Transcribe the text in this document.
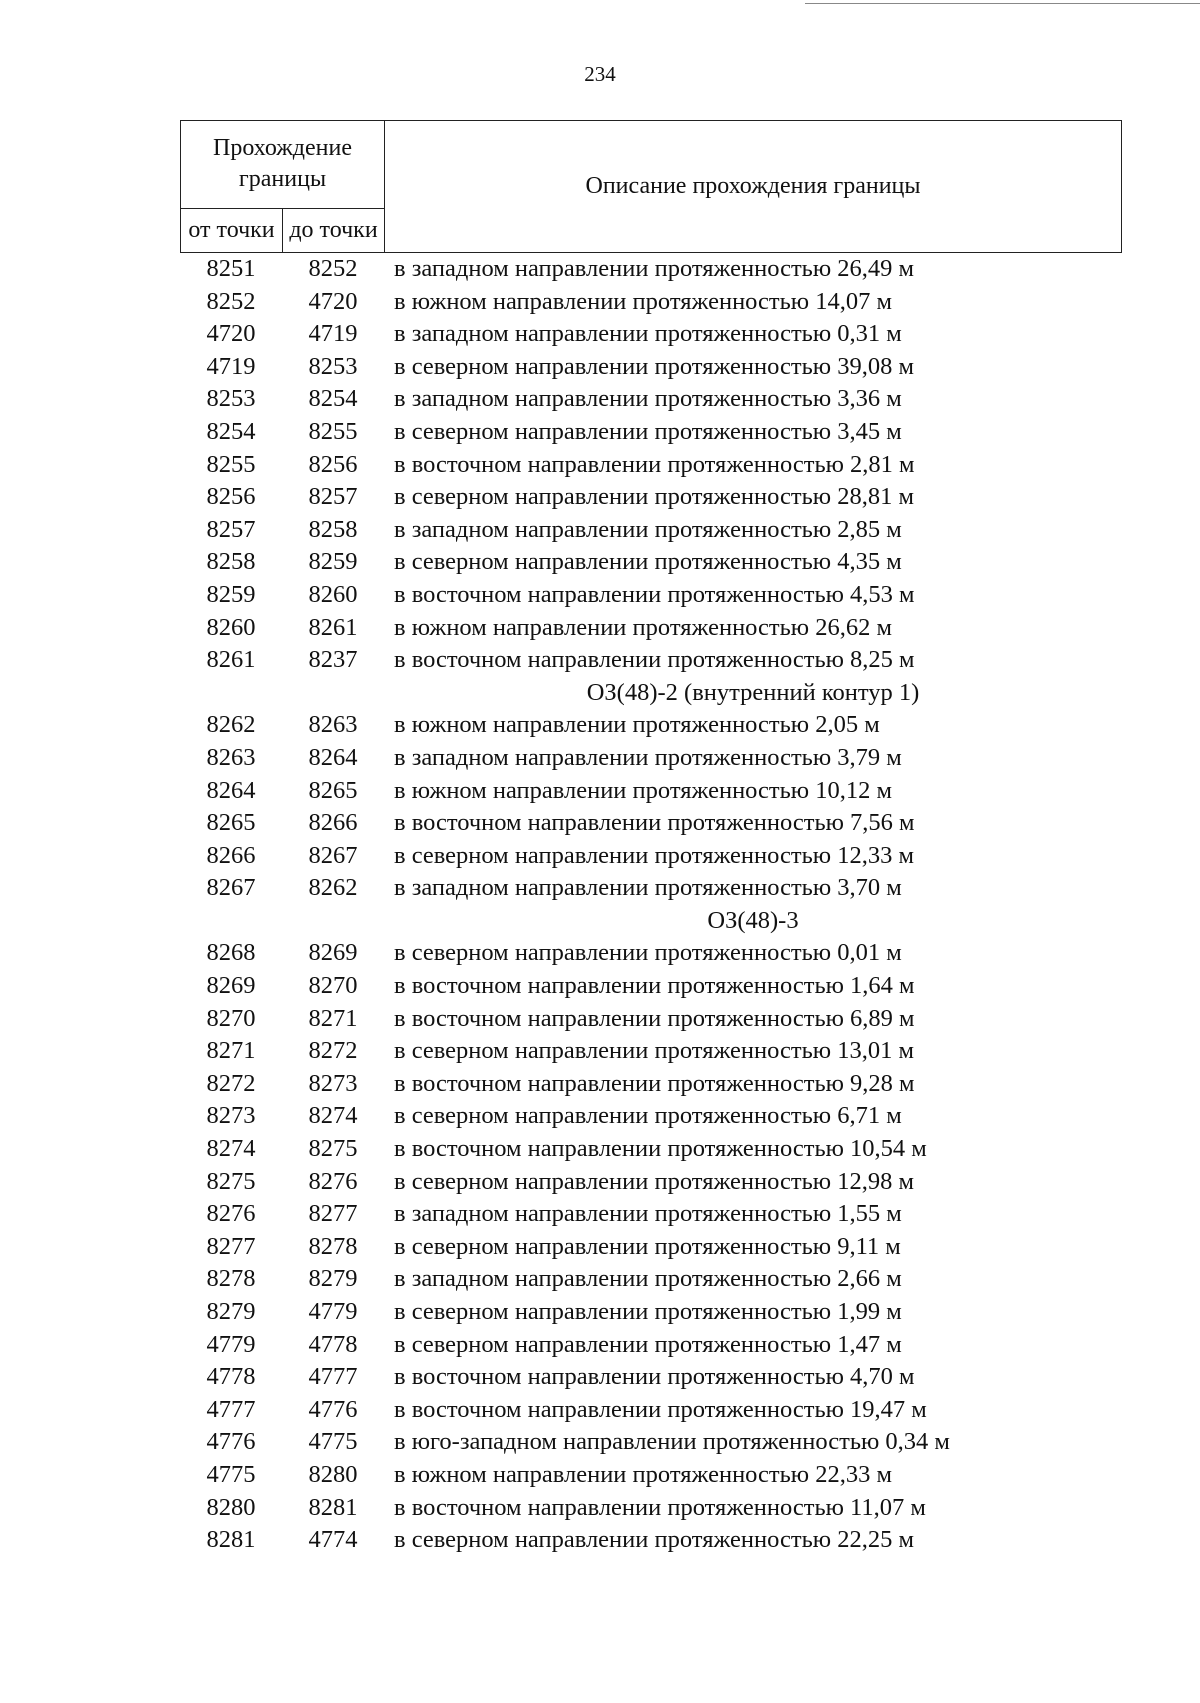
234
Прохождение границы		Описание прохождения границы
от точки	до точки	
8251	8252	в западном направлении протяженностью 26,49 м
8252	4720	в южном направлении протяженностью 14,07 м
4720	4719	в западном направлении протяженностью 0,31 м
4719	8253	в северном направлении протяженностью 39,08 м
8253	8254	в западном направлении протяженностью 3,36 м
8254	8255	в северном направлении протяженностью 3,45 м
8255	8256	в восточном направлении протяженностью 2,81 м
8256	8257	в северном направлении протяженностью 28,81 м
8257	8258	в западном направлении протяженностью 2,85 м
8258	8259	в северном направлении протяженностью 4,35 м
8259	8260	в восточном направлении протяженностью 4,53 м
8260	8261	в южном направлении протяженностью 26,62 м
8261	8237	в восточном направлении протяженностью 8,25 м
ОЗ(48)-2 (внутренний контур 1)
8262	8263	в южном направлении протяженностью 2,05 м
8263	8264	в западном направлении протяженностью 3,79 м
8264	8265	в южном направлении протяженностью 10,12 м
8265	8266	в восточном направлении протяженностью 7,56 м
8266	8267	в северном направлении протяженностью 12,33 м
8267	8262	в западном направлении протяженностью 3,70 м
ОЗ(48)-3
8268	8269	в северном направлении протяженностью 0,01 м
8269	8270	в восточном направлении протяженностью 1,64 м
8270	8271	в восточном направлении протяженностью 6,89 м
8271	8272	в северном направлении протяженностью 13,01 м
8272	8273	в восточном направлении протяженностью 9,28 м
8273	8274	в северном направлении протяженностью 6,71 м
8274	8275	в восточном направлении протяженностью 10,54 м
8275	8276	в северном направлении протяженностью 12,98 м
8276	8277	в западном направлении протяженностью 1,55 м
8277	8278	в северном направлении протяженностью 9,11 м
8278	8279	в западном направлении протяженностью 2,66 м
8279	4779	в северном направлении протяженностью 1,99 м
4779	4778	в северном направлении протяженностью 1,47 м
4778	4777	в восточном направлении протяженностью 4,70 м
4777	4776	в восточном направлении протяженностью 19,47 м
4776	4775	в юго-западном направлении протяженностью 0,34 м
4775	8280	в южном направлении протяженностью 22,33 м
8280	8281	в восточном направлении протяженностью 11,07 м
8281	4774	в северном направлении протяженностью 22,25 м
